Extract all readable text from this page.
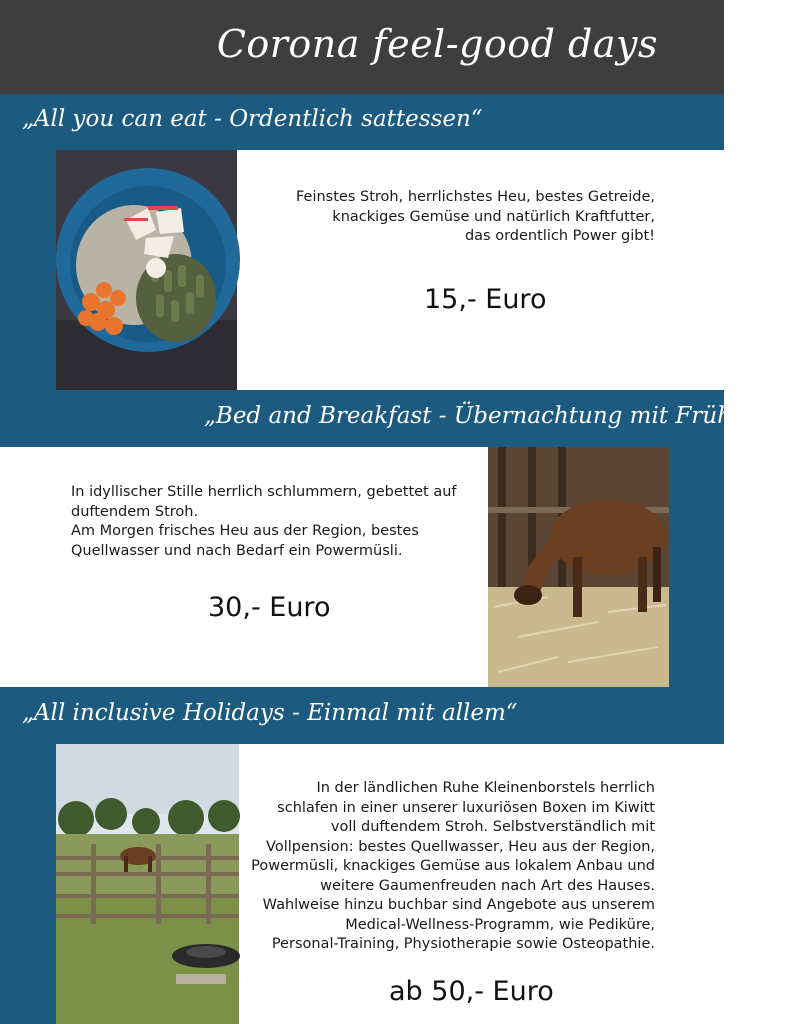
Corona feel-good days
„All you can eat - Ordentlich sattessen“
Feinstes Stroh, herrlichstes Heu, bestes Getreide,
knackiges Gemüse und natürlich Kraftfutter,
das ordentlich Power gibt!
15,- Euro
„Bed and Breakfast - Übernachtung mit Frühstück“
In idyllischer Stille herrlich schlummern, gebettet auf
duftendem Stroh.
Am Morgen frisches Heu aus der Region, bestes
Quellwasser und nach Bedarf ein Powermüsli.
30,- Euro
„All inclusive Holidays - Einmal mit allem“
In der ländlichen Ruhe Kleinenborstels herrlich
schlafen in einer unserer luxuriösen Boxen im Kiwitt
voll duftendem Stroh. Selbstverständlich mit
Vollpension: bestes Quellwasser, Heu aus der Region,
Powermüsli, knackiges Gemüse aus lokalem Anbau und
weitere Gaumenfreuden nach Art des Hauses.
Wahlweise hinzu buchbar sind Angebote aus unserem
Medical-Wellness-Programm, wie Pediküre,
Personal-Training, Physiotherapie sowie Osteopathie.
ab 50,- Euro
